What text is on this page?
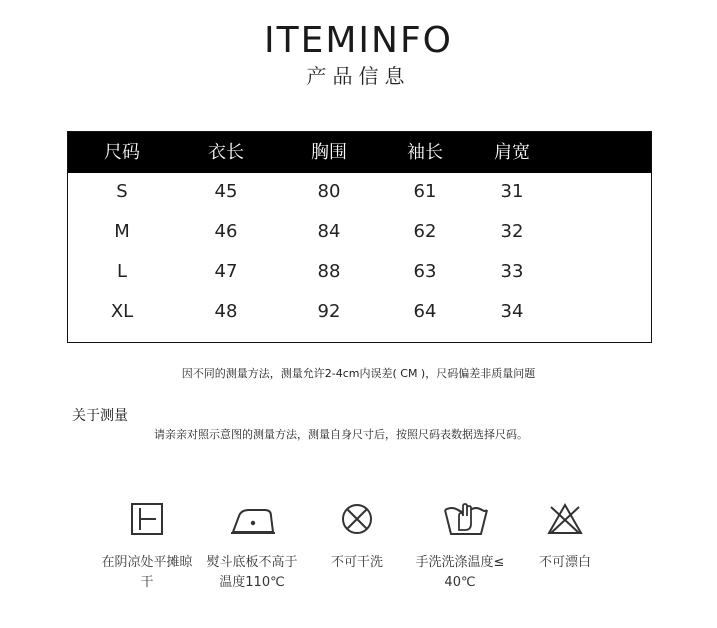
ITEMINFO
产品信息
尺码	衣长	胸围	袖长	肩宽
S	45	80	61	31
M	46	84	62	32
L	47	88	63	33
XL	48	92	64	34
因不同的测量方法，测量允许2-4cm内误差( CM )，尺码偏差非质量问题
关于测量
请亲亲对照示意图的测量方法，测量自身尺寸后，按照尺码表数据选择尺码。
在阴凉处平摊晾
干
熨斗底板不高于
温度110℃
不可干洗	手洗洗涤温度≤
40℃
不可漂白
